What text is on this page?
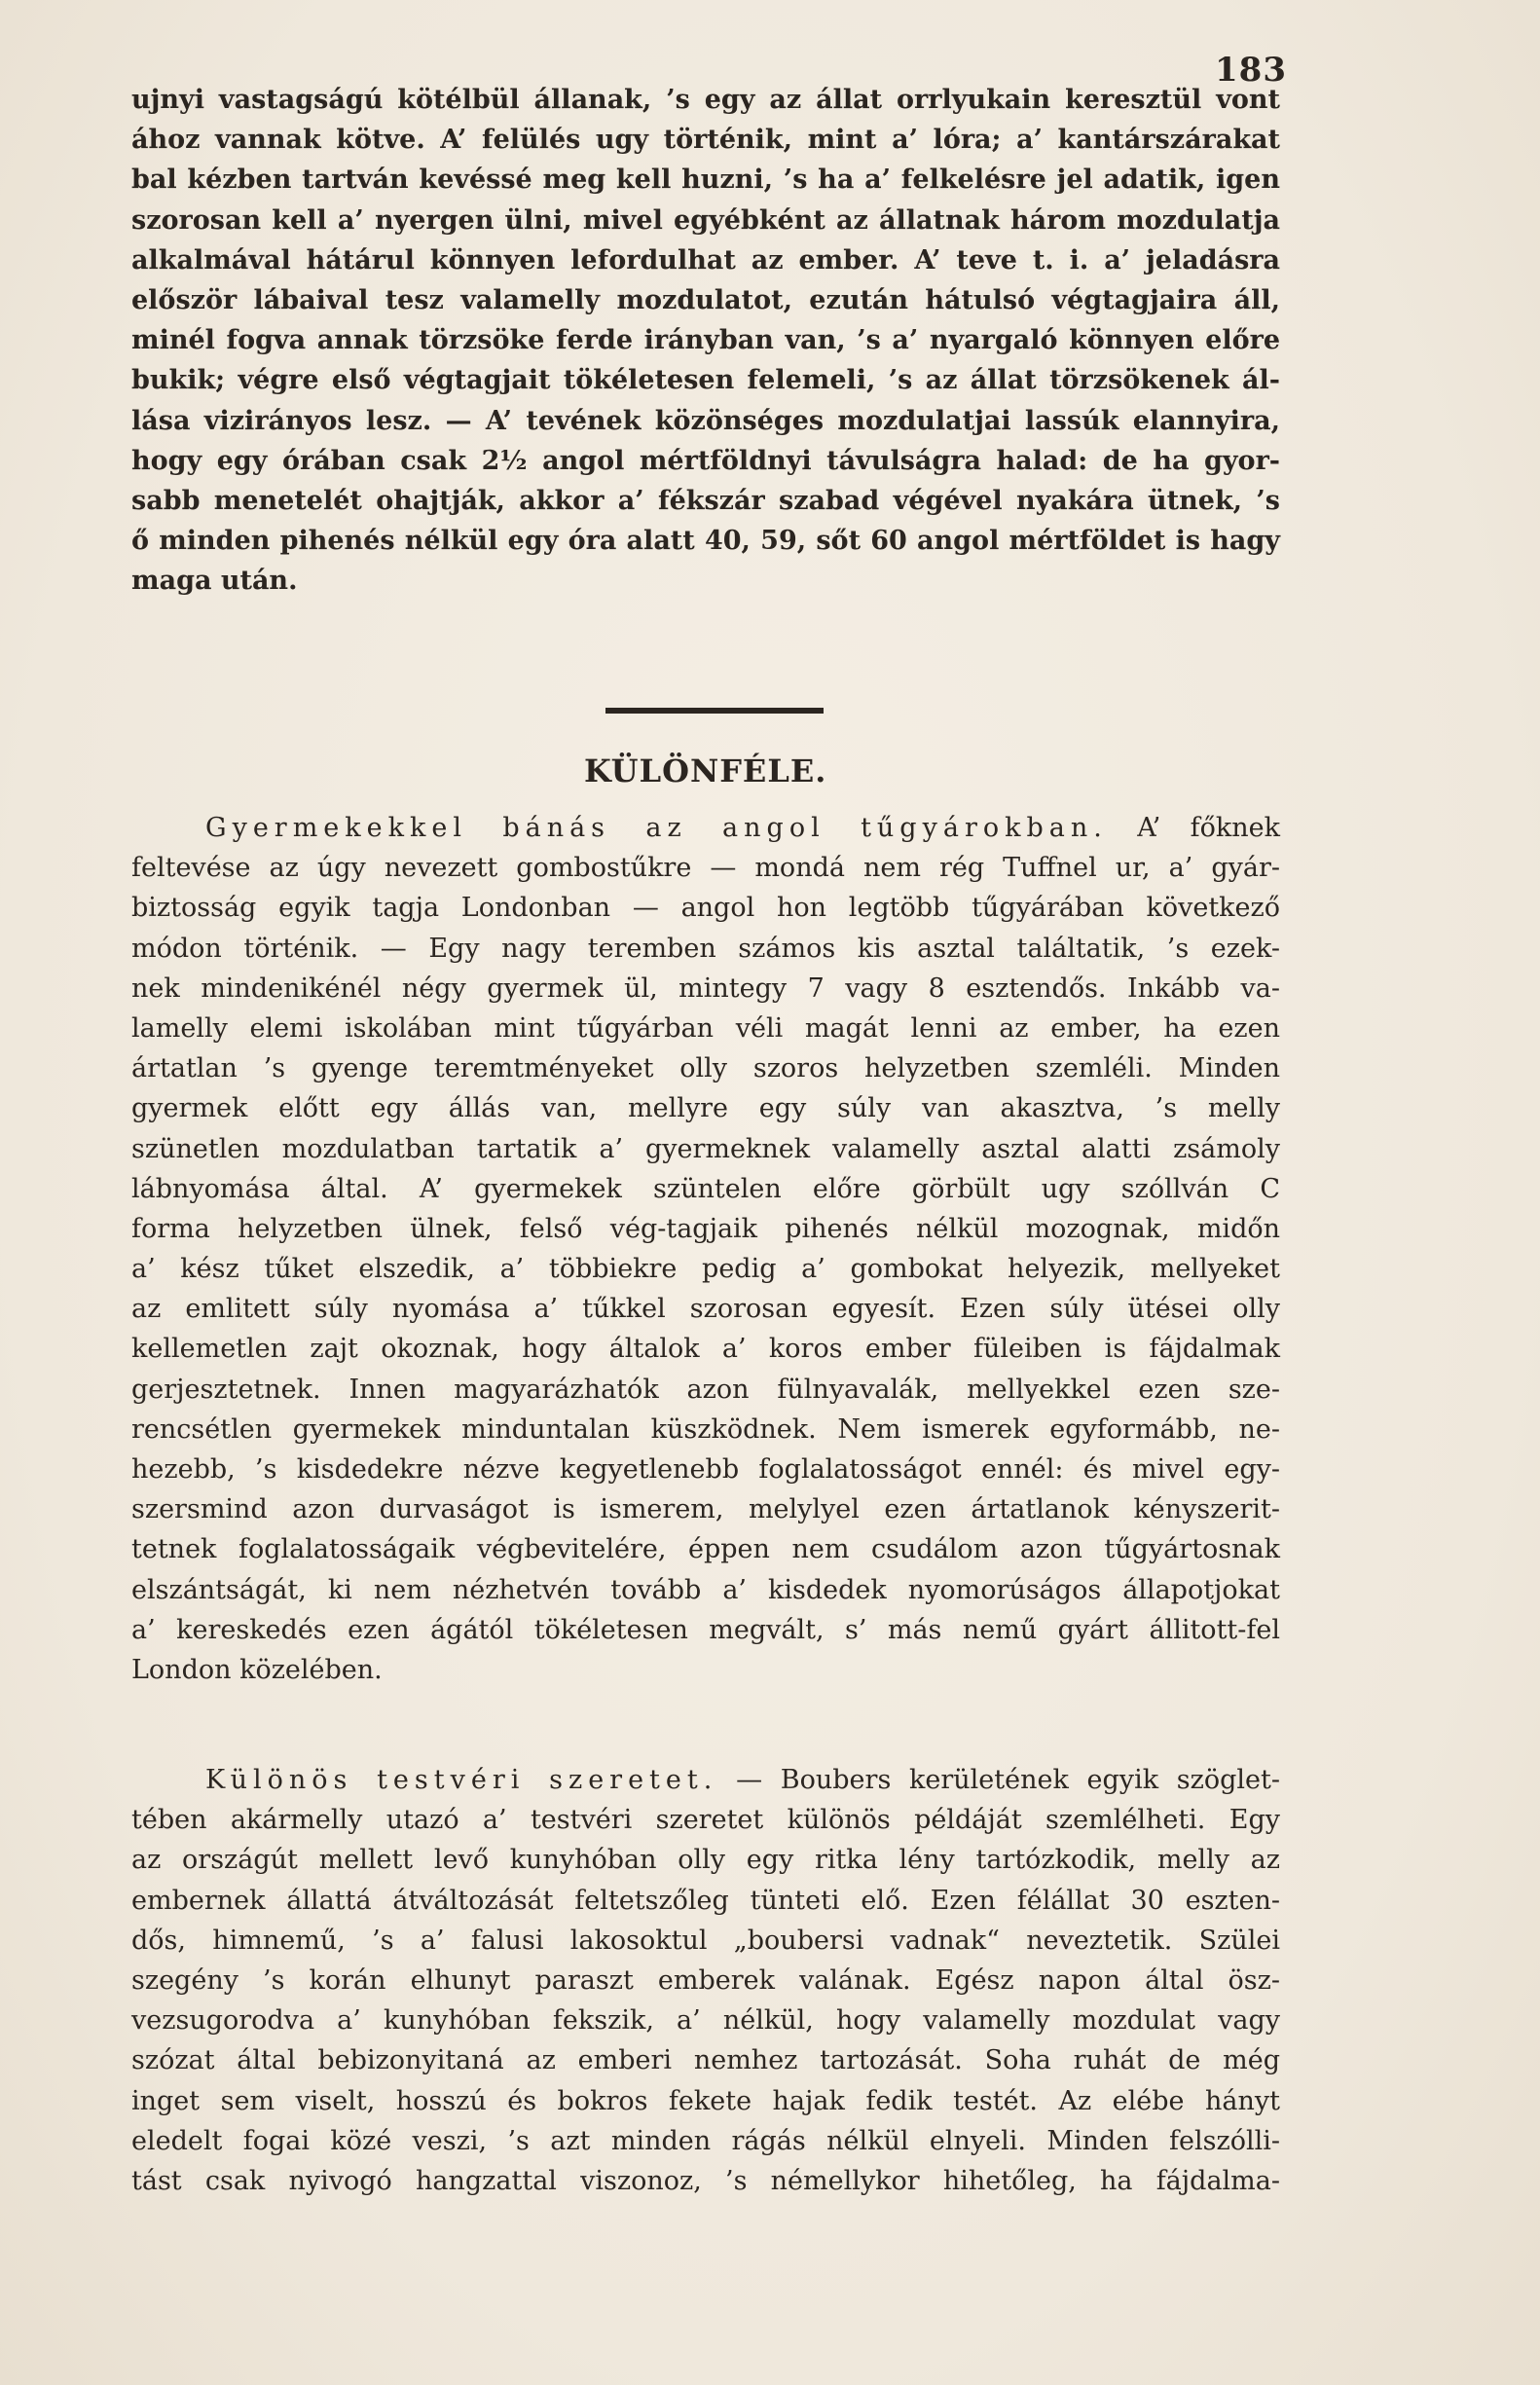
183
ujnyi vastagságú kötélbül állanak, ’s egy az állat orrlyukain keresztül vont
ához vannak kötve. A’ felülés ugy történik, mint a’ lóra; a’ kantárszárakat
bal kézben tartván kevéssé meg kell huzni, ’s ha a’ felkelésre jel adatik, igen
szorosan kell a’ nyergen ülni, mivel egyébként az állatnak három mozdulatja
alkalmával hátárul könnyen lefordulhat az ember. A’ teve t. i. a’ jeladásra
először lábaival tesz valamelly mozdulatot, ezután hátulsó végtagjaira áll,
minél fogva annak törzsöke ferde irányban van, ’s a’ nyargaló könnyen előre
bukik; végre első végtagjait tökéletesen felemeli, ’s az állat törzsökenek ál-
lása vizirányos lesz. — A’ tevének közönséges mozdulatjai lassúk elannyira,
hogy egy órában csak 2½ angol mértföldnyi távulságra halad: de ha gyor-
sabb menetelét ohajtják, akkor a’ fékszár szabad végével nyakára ütnek, ’s
ő minden pihenés nélkül egy óra alatt 40, 59, sőt 60 angol mértföldet is hagy
maga után.
KÜLÖNFÉLE.
Gyermekekkel bánás az angol tűgyárokban. A’ főknek
feltevése az úgy nevezett gombostűkre — mondá nem rég Tuffnel ur, a’ gyár-
biztosság egyik tagja Londonban — angol hon legtöbb tűgyárában következő
módon történik. — Egy nagy teremben számos kis asztal találtatik, ’s ezek-
nek mindenikénél négy gyermek ül, mintegy 7 vagy 8 esztendős. Inkább va-
lamelly elemi iskolában mint tűgyárban véli magát lenni az ember, ha ezen
ártatlan ’s gyenge teremtményeket olly szoros helyzetben szemléli. Minden
gyermek előtt egy állás van, mellyre egy súly van akasztva, ’s melly
szünetlen mozdulatban tartatik a’ gyermeknek valamelly asztal alatti zsámoly
lábnyomása által. A’ gyermekek szüntelen előre görbült ugy szóllván C
forma helyzetben ülnek, felső vég-tagjaik pihenés nélkül mozognak, midőn
a’ kész tűket elszedik, a’ többiekre pedig a’ gombokat helyezik, mellyeket
az emlitett súly nyomása a’ tűkkel szorosan egyesít. Ezen súly ütései olly
kellemetlen zajt okoznak, hogy általok a’ koros ember füleiben is fájdalmak
gerjesztetnek. Innen magyarázhatók azon fülnyavalák, mellyekkel ezen sze-
rencsétlen gyermekek minduntalan küszködnek. Nem ismerek egyformább, ne-
hezebb, ’s kisdedekre nézve kegyetlenebb foglalatosságot ennél: és mivel egy-
szersmind azon durvaságot is ismerem, melylyel ezen ártatlanok kényszerit-
tetnek foglalatosságaik végbevitelére, éppen nem csudálom azon tűgyártosnak
elszántságát, ki nem nézhetvén tovább a’ kisdedek nyomorúságos állapotjokat
a’ kereskedés ezen ágától tökéletesen megvált, s’ más nemű gyárt állitott-fel
London közelében.
Különös testvéri szeretet. — Boubers kerületének egyik szöglet-
tében akármelly utazó a’ testvéri szeretet különös példáját szemlélheti. Egy
az országút mellett levő kunyhóban olly egy ritka lény tartózkodik, melly az
embernek állattá átváltozását feltetszőleg tünteti elő. Ezen félállat 30 eszten-
dős, himnemű, ’s a’ falusi lakosoktul „boubersi vadnak“ neveztetik. Szülei
szegény ’s korán elhunyt paraszt emberek valának. Egész napon által ösz-
vezsugorodva a’ kunyhóban fekszik, a’ nélkül, hogy valamelly mozdulat vagy
szózat által bebizonyitaná az emberi nemhez tartozását. Soha ruhát de még
inget sem viselt, hosszú és bokros fekete hajak fedik testét. Az elébe hányt
eledelt fogai közé veszi, ’s azt minden rágás nélkül elnyeli. Minden felszólli-
tást csak nyivogó hangzattal viszonoz, ’s némellykor hihetőleg, ha fájdalma-
